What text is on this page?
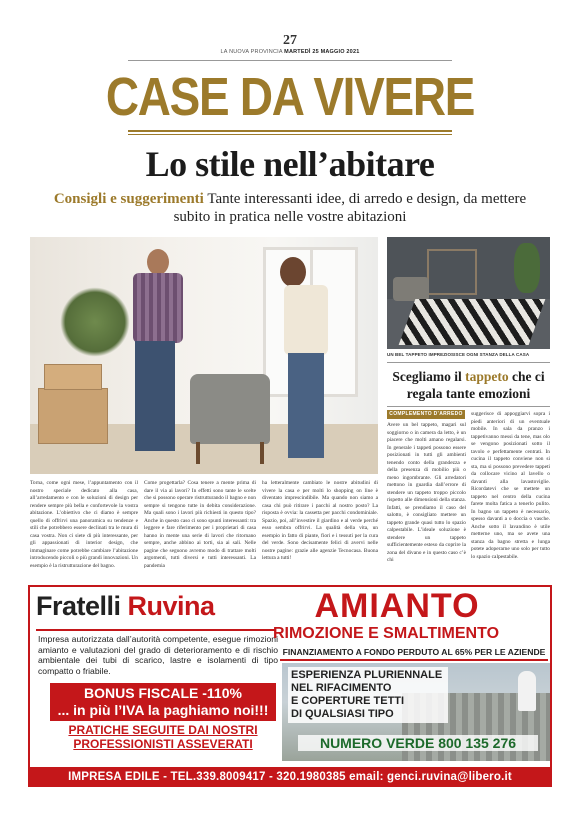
27
LA NUOVA PROVINCIA MARTEDÌ 25 MAGGIO 2021
CASE DA VIVERE
Lo stile nell’abitare
Consigli e suggerimenti Tante interessanti idee, di arredo e design, da mettere subito in pratica nelle vostre abitazioni
Torna, come ogni mese, l’appuntamento con il nostro speciale dedicato alla casa, all’arredamento e con le soluzioni di design per rendere sempre più bella e confortevole la vostra abitazione. L’obiettivo che ci diamo è sempre quello di offrirvi una panoramica su tendenze e stili che potrebbero essere declinati tra le mura di casa vostra. Non ci siete di più interessante, per gli appassionati di interior design, che immaginare come potrebbe cambiare l’abitazione introducendo piccoli o più grandi innovazioni. Un esempio è la ristrutturazione del bagno.
Come progettarla? Cosa tenere a mente prima di dare il via ai lavori? In effetti sono tante le scelte che si possono operare ristrutturando il bagno e non sempre si tengono tutte in debita considerazione. Ma quali sono i lavori più richiesti in questo tipo? Anche in questo caso ci sono spunti interessanti: tra leggere e fare riferimento per i proprietari di casa hanno in mente una serie di lavori che ritornano sempre, anche abbino ai torti, sia ai sali. Nelle pagine che seguono avremo modo di trattare molti argomenti, tutti diversi e tutti interessanti. La pandemia
ha letteralmente cambiato le nostre abitudini di vivere la casa e per molti lo shopping on line è diventato imprescindibile. Ma quando non siamo a casa chi può ritirare i pacchi al nostro posto? La risposta è ovvia: la cassetta per pacchi condominiale. Spazio, poi, all’investire il giardino e al verde perché esso sembra offrirvi. La qualità della vita, un esempio in fatto di piante, fiori e i tessuti per la cura del verde. Sono decisamente felici di avervi nelle nostre pagine: grazie alle agenzie Tecnocasa. Buona lettura a tutti!
UN BEL TAPPETO IMPREZIOSISCE OGNI STANZA DELLA CASA
Scegliamo il tappeto che ci regala tante emozioni
COMPLEMENTO D’ARREDO
Avere un bel tappeto, magari sul soggiorno o in camera da letto, è un piacere che molti amano regalarsi. In generale i tappeti possono essere posizionati in tutti gli ambienti tenendo conto della grandezza e della presenza di mobilio più o meno ingombrante. Gli arredatori mettono in guardia dall’errore di stendere un tappeto troppo piccolo rispetto alle dimensioni della stanza. Infatti, se prendiamo il caso del salotto, è consigliato mettere un tappeto grande quasi tutto lo spazio calpestabile. L’ideale soluzione è stendere un tappeto sufficientemente esteso da coprire la zona del divano e in questo caso c’è chi
suggerisce di appoggiarvi sopra i piedi anteriori di un eventuale mobile. In sala da pranzo i tappetivanno messi da tene, mas olo se vengono posizionati sotto il tavolo e perfettamente centrati. In cucina il tappeto conviene non si sta, ma si possono prevedere tappeti da collocare vicino al lavello o davanti alla lavastoviglie. Ricordatevi che se mettete un tappeto nel centro della cucina farete molta fatica a tenerlo pulito. In bagno un tappeto è necessario, spesso davanti a o doccia o vasche. Anche sotto il lavandino è utile metterne uno, ma se avete una stanza da bagno stretta e lunga potete adoperarne uno solo per tutto lo spazio calpestabile.
Fratelli Ruvina
Impresa autorizzata dall’autorità competente, esegue rimozioni amianto e valutazioni del grado di deterioramento e di rischio ambientale dei tubi di scarico, lastre e isolamenti di tipo compatto o friabile.
BONUS FISCALE -110%
... in più l’IVA la paghiamo noi!!!
PRATICHE SEGUITE DAI NOSTRI
PROFESSIONISTI ASSEVERATI
AMIANTO
RIMOZIONE E SMALTIMENTO
FINANZIAMENTO A FONDO PERDUTO AL 65% PER LE AZIENDE
ESPERIENZA PLURIENNALE
NEL RIFACIMENTO
E COPERTURE TETTI
DI QUALSIASI TIPO
NUMERO VERDE 800 135 276
IMPRESA EDILE - TEL.339.8009417 - 320.1980385 email: genci.ruvina@libero.it
